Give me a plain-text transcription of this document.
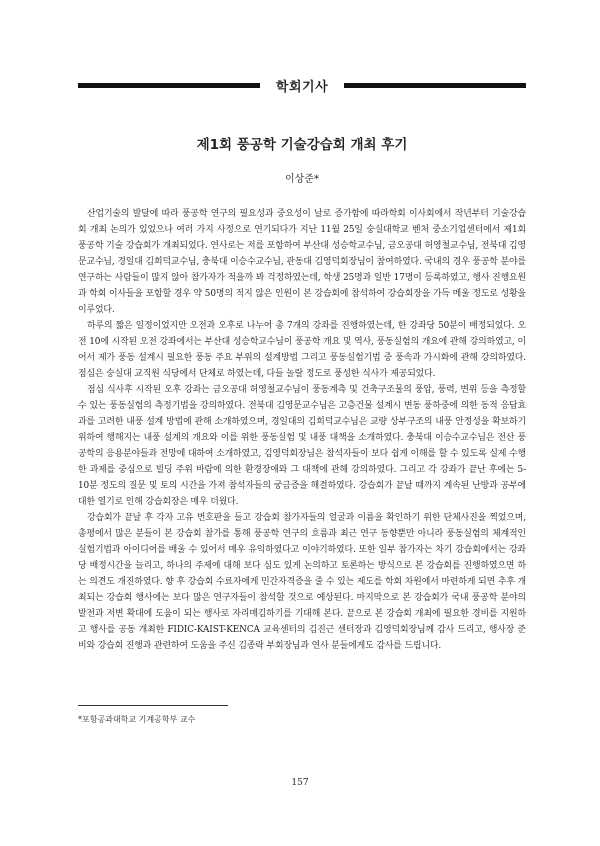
학회기사
제1회 풍공학 기술강습회 개최 후기
이상준*

산업기술의 발달에 따라 풍공학 연구의 필요성과 중요성이 날로 증가함에 따라학회 이사회에서 작년부터 기술강습회 개최 논의가 있었으나 여러 가지 사정으로 연기되다가 지난 11월 25일 숭실대학교 벤처 중소기업센터에서 제1회 풍공학 기술 강습회가 개최되었다. 연사로는 저를 포함하여 부산대 성승학교수님, 금오공대 허영철교수님, 전북대 김영문교수님, 경일대 김희덕교수님, 충북대 이승수교수님, 관동대 김영덕회장님이 참여하였다. 국내의 경우 풍공학 분야를 연구하는 사람들이 많지 않아 참가자가 적을까 봐 걱정하였는데, 학생 25명과 일반 17명이 등록하였고, 행사 진행요원과 학회 이사들을 포함할 경우 약 50명의 적지 않은 인원이 본 강습회에 참석하여 강습회장을 가득 메울 정도로 성황을 이루었다.

하루의 짧은 일정이었지만 오전과 오후로 나누어 총 7개의 강좌를 진행하였는데, 한 강좌당 50분이 배정되었다. 오전 10에 시작된 오전 강좌에서는 부산대 성승학교수님이 풍공학 개요 및 역사, 풍동실험의 개요에 관해 강의하였고, 이어서 제가 풍동 설계시 필요한 풍동 주요 부위의 설계방법 그리고 풍동실험기법 중 풍속과 가시화에 관해 강의하였다. 점심은 숭실대 교직원 식당에서 단체로 하였는데, 다들 놀랄 정도로 풍성한 식사가 제공되었다.

점심 식사후 시작된 오후 강좌는 금오공대 허영철교수님이 풍동계측 및 건축구조물의 풍압, 풍력, 변위 등을 측정할 수 있는 풍동실험의 측정기법을 강의하였다. 전북대 김영문교수님은 고층건물 설계시 변동 풍하중에 의한 동적 응답효과를 고려한 내풍 설계 방법에 관해 소개하였으며, 경일대의 김희덕교수님은 교량 상부구조의 내풍 안정성을 확보하기 위하여 행해지는 내풍 설계의 개요와 이를 위한 풍동실험 및 내풍 대책을 소개하였다. 충북대 이승수교수님은 전산 풍공학의 응용분야들과 전망에 대하여 소개하였고, 김영덕회장님은 참석자들이 보다 쉽게 이해를 할 수 있도록 실제 수행한 과제를 중심으로 빌딩 주위 바람에 의한 환경장애와 그 대책에 관해 강의하였다. 그리고 각 강좌가 끝난 후에는 5-10분 정도의 질문 및 토의 시간을 가져 참석자들의 궁금증을 해결하였다. 강습회가 끝날 때까지 계속된 난방과 공부에 대한 열기로 인해 강습회장은 매우 더웠다.

강습회가 끝날 후 각자 고유 번호판을 들고 강습회 참가자들의 얼굴과 이름을 확인하기 위한 단체사진을 찍었으며, 총평에서 많은 분들이 본 강습회 참가를 통해 풍공학 연구의 흐름과 최근 연구 동향뿐만 아니라 풍동실험의 체계적인 실험기법과 아이디어를 배울 수 있어서 매우 유익하였다고 이야기하였다. 또한 일부 참가자는 차기 강습회에서는 강좌당 배정시간을 늘리고, 하나의 주제에 대해 보다 심도 있게 논의하고 토론하는 방식으로 본 강습회를 진행하였으면 하는 의견도 개진하였다. 향 후 강습회 수료자에게 민간자격증을 줄 수 있는 제도를 학회 차원에서 마련하게 되면 추후 개최되는 강습회 행사에는 보다 많은 연구자들이 참석할 것으로 예상된다. 마지막으로 본 강습회가 국내 풍공학 분야의 발전과 저변 확대에 도움이 되는 행사로 자리매김하기를 기대해 본다. 끝으로 본 강습회 개최에 필요한 경비를 지원하고 행사를 공동 개최한 FIDIC-KAIST-KENCA 교육센터의 김진근 센터장과 김영덕회장님께 감사 드리고, 행사장 준비와 강습회 진행과 관련하여 도움을 주신 김종락 부회장님과 연사 분들에게도 감사를 드립니다.

*포항공과대학교 기계공학부 교수
157
